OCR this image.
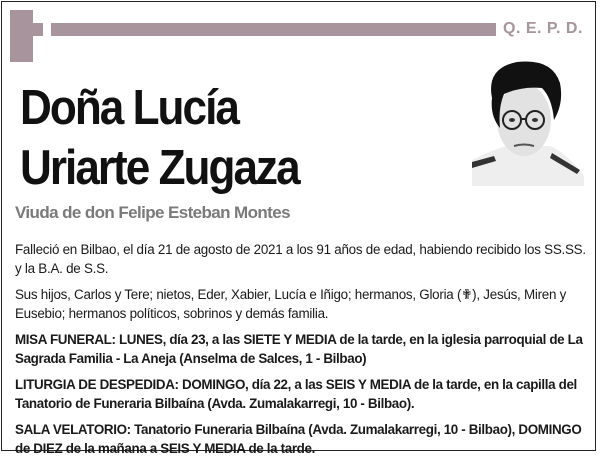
Q. E. P. D.
Doña Lucía
Uriarte Zugaza
Viuda de don Felipe Esteban Montes

Falleció en Bilbao, el día 21 de agosto de 2021 a los 91 años de edad, habiendo recibido los SS.SS. y la B.A. de S.S.

Sus hijos, Carlos y Tere; nietos, Eder, Xabier, Lucía e Iñigo; hermanos, Gloria (✟), Jesús, Miren y Eusebio; hermanos políticos, sobrinos y demás familia.

MISA FUNERAL: LUNES, día 23, a las SIETE Y MEDIA de la tarde, en la iglesia parroquial de La Sagrada Familia - La Aneja (Anselma de Salces, 1 - Bilbao)

LITURGIA DE DESPEDIDA: DOMINGO, día 22, a las SEIS Y MEDIA de la tarde, en la capilla del Tanatorio de Funeraria Bilbaína (Avda. Zumalakarregi, 10 - Bilbao).

SALA VELATORIO: Tanatorio Funeraria Bilbaína (Avda. Zumalakarregi, 10 - Bilbao), DOMINGO de DIEZ de la mañana a SEIS Y MEDIA de la tarde.
